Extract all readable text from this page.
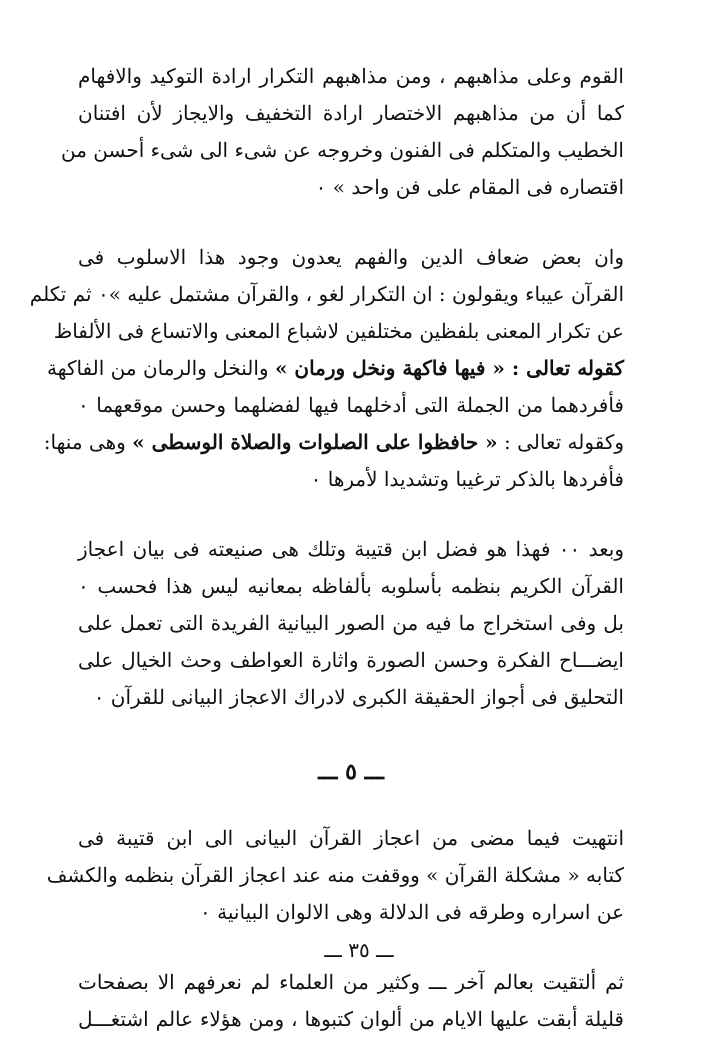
القوم وعلى مذاهبهم ، ومن مذاهبهم التكرار ارادة التوكيد والافهام
كما أن من مذاهبهم الاختصار ارادة التخفيف والايجاز لأن افتنان
الخطيب والمتكلم فى الفنون وخروجه عن شىء الى شىء أحسن من
اقتصاره فى المقام على فن واحد » ٠

وان بعض ضعاف الدين والفهم يعدون وجود هذا الاسلوب فى
القرآن عيباء ويقولون : ان التكرار لغو ، والقرآن مشتمل عليه »٠ ثم تكلم
عن تكرار المعنى بلفظين مختلفين لاشباع المعنى والاتساع فى الألفاظ
كقوله تعالى : « فيها فاكهة ونخل ورمان » والنخل والرمان من الفاكهة
فأفردهما من الجملة التى أدخلهما فيها لفضلهما وحسن موقعهما ٠
وكقوله تعالى : « حافظوا على الصلوات والصلاة الوسطى » وهى منها:
فأفردها بالذكر ترغيبا وتشديدا لأمرها ٠

وبعد ٠٠ فهذا هو فضل ابن قتيبة وتلك هى صنيعته فى بيان اعجاز
القرآن الكريم بنظمه بأسلوبه بألفاظه بمعانيه ليس هذا فحسب ٠
بل وفى استخراج ما فيه من الصور البيانية الفريدة التى تعمل على
ايضـــاح الفكرة وحسن الصورة واثارة العواطف وحث الخيال على
التحليق فى أجواز الحقيقة الكبرى لادراك الاعجاز البيانى للقرآن ٠

ـــ ٥ ـــ

انتهيت فيما مضى من اعجاز القرآن البيانى الى ابن قتيبة فى
كتابه « مشكلة القرآن » ووقفت منه عند اعجاز القرآن بنظمه والكشف
عن اسراره وطرقه فى الدلالة وهى الالوان البيانية ٠

ثم ألتقيت بعالم آخر ـــ وكثير من العلماء لم نعرفهم الا بصفحات
قليلة أبقت عليها الايام من ألوان كتبوها ، ومن هؤلاء عالم اشتغـــل

ـــ ٣٥ ـــ
